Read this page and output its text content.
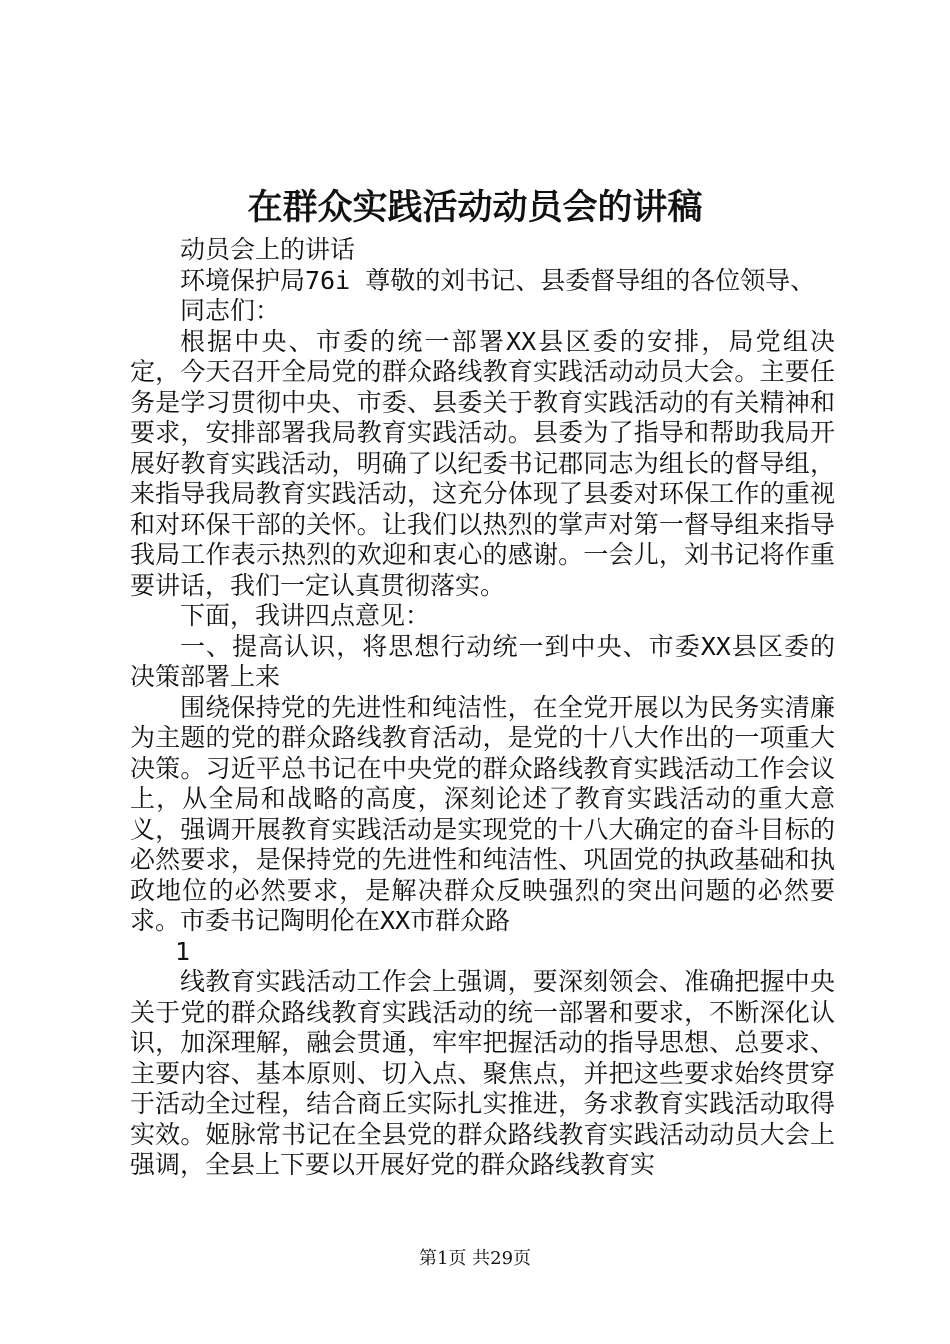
在群众实践活动动员会的讲稿

动员会上的讲话

环境保护局76i 尊敬的刘书记、县委督导组的各位领导、

同志们：

根据中央、市委的统一部署XX县区委的安排，局党组决定，今天召开全局党的群众路线教育实践活动动员大会。主要任务是学习贯彻中央、市委、县委关于教育实践活动的有关精神和要求，安排部署我局教育实践活动。县委为了指导和帮助我局开展好教育实践活动，明确了以纪委书记郡同志为组长的督导组，来指导我局教育实践活动，这充分体现了县委对环保工作的重视和对环保干部的关怀。让我们以热烈的掌声对第一督导组来指导我局工作表示热烈的欢迎和衷心的感谢。一会儿，刘书记将作重要讲话，我们一定认真贯彻落实。

下面，我讲四点意见：

一、提高认识，将思想行动统一到中央、市委XX县区委的决策部署上来

围绕保持党的先进性和纯洁性，在全党开展以为民务实清廉为主题的党的群众路线教育活动，是党的十八大作出的一项重大决策。习近平总书记在中央党的群众路线教育实践活动工作会议上，从全局和战略的高度，深刻论述了教育实践活动的重大意义，强调开展教育实践活动是实现党的十八大确定的奋斗目标的必然要求，是保持党的先进性和纯洁性、巩固党的执政基础和执政地位的必然要求，是解决群众反映强烈的突出问题的必然要求。市委书记陶明伦在XX市群众路

1

线教育实践活动工作会上强调，要深刻领会、准确把握中央关于党的群众路线教育实践活动的统一部署和要求，不断深化认识，加深理解，融会贯通，牢牢把握活动的指导思想、总要求、主要内容、基本原则、切入点、聚焦点，并把这些要求始终贯穿于活动全过程，结合商丘实际扎实推进，务求教育实践活动取得实效。姬脉常书记在全县党的群众路线教育实践活动动员大会上强调，全县上下要以开展好党的群众路线教育实

第1页 共29页
